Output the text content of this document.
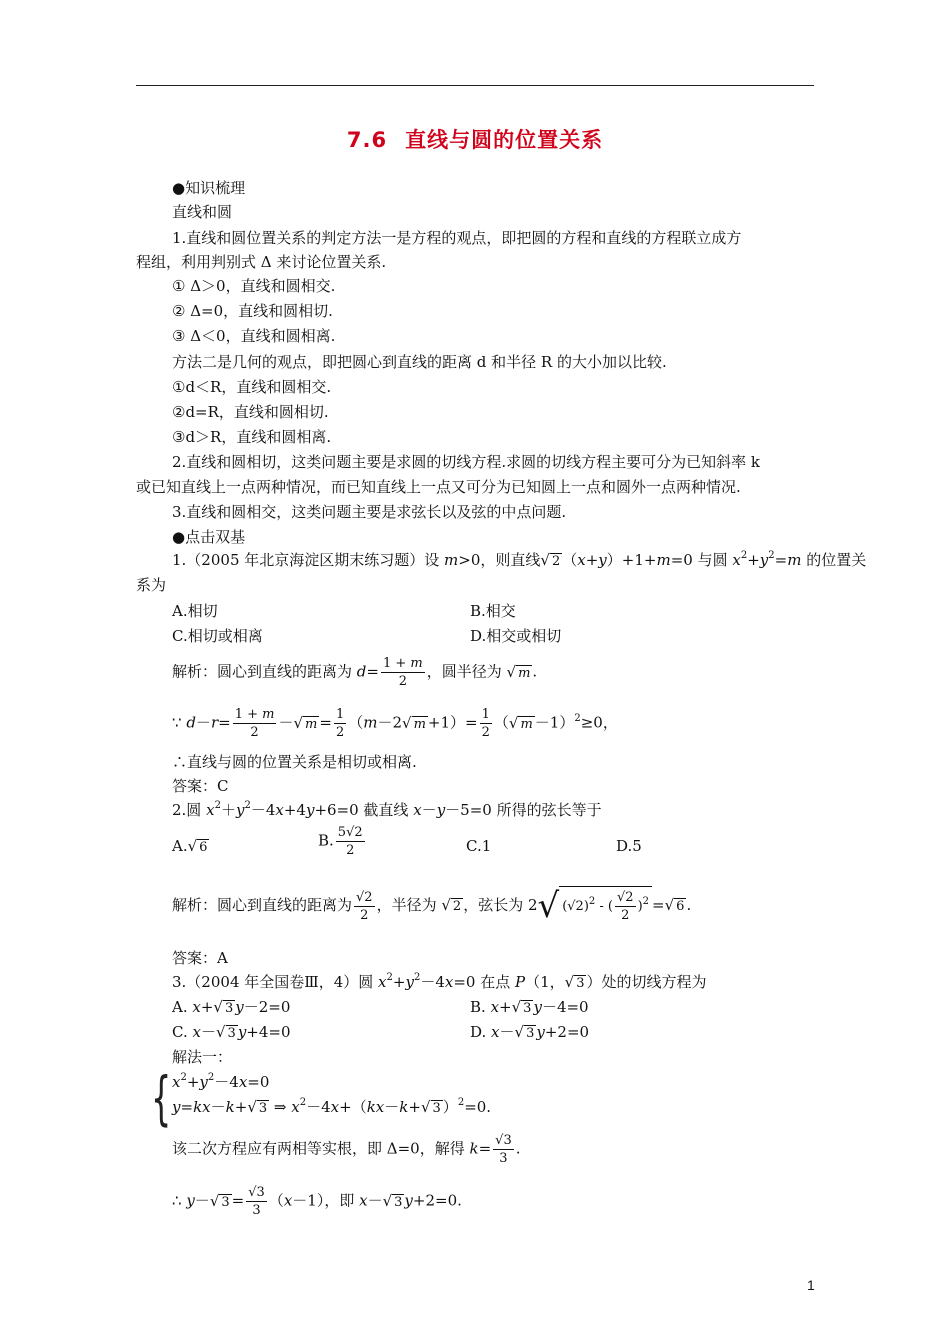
7.6 直线与圆的位置关系
●知识梳理
直线和圆
1.直线和圆位置关系的判定方法一是方程的观点，即把圆的方程和直线的方程联立成方
程组，利用判别式 Δ 来讨论位置关系.
① Δ＞0，直线和圆相交.
② Δ=0，直线和圆相切.
③ Δ＜0，直线和圆相离.
方法二是几何的观点，即把圆心到直线的距离 d 和半径 R 的大小加以比较.
①d＜R，直线和圆相交.
②d=R，直线和圆相切.
③d＞R，直线和圆相离.
2.直线和圆相切，这类问题主要是求圆的切线方程.求圆的切线方程主要可分为已知斜率 k
或已知直线上一点两种情况，而已知直线上一点又可分为已知圆上一点和圆外一点两种情况.
3.直线和圆相交，这类问题主要是求弦长以及弦的中点问题.
●点击双基
1.（2005 年北京海淀区期末练习题）设 m>0，则直线√ 2 （x+y）+1+m=0 与圆 $x^2+y^2=m$ 的位置关
系为
A.相切	B.相交
C.相切或相离	D.相交或相切
解析：圆心到直线的距离为 $d= \frac{1 + m}{2}$ ，圆半径为 √ m .
∵ $d-r= \frac{1 + m}{2}$ －√ $m = \frac{1}{2} (m-2√$ $m +1)= \frac{1}{2}$ （√ m －1）$^2$≥0，
∴直线与圆的位置关系是相切或相离.
答案：C
2.圆 $x^2+y^2-4x+4y+6=0$ 截直线 x－y－5=0 所得的弦长等于
A.√ 6	B. $\frac{5√2}{2}$	C.1	D.5
解析：圆心到直线的距离为 $\frac{√2}{2}$ ，半径为 √ 2 ，弦长为 2√ $(√2)^2$ - ( $\frac{√2}{2} )^2$ =√ 6 .
答案：A
3.（2004 年全国卷Ⅲ，4）圆 $x^2+y^2-4x=0$ 在点 P（1，√ 3 ）处的切线方程为
A. x+√ 3 y－2=0	B. x+√ 3 y－4=0
C. x－√ 3 y+4=0	D. x－√ 3 y+2=0
解法一：
{ $x^2+y^2-4x=0$
y=kx－k+√ 3 ⇒ $x^2-4x+(kx-k+√$ 3 ）$^2$=0.
该二次方程应有两相等实根，即 Δ=0，解得 $k= \frac{√3}{3}$ .
∴ y－√ $3 = \frac{√3}{3} (x-1)$，即 x－√ 3 y+2=0.
1
